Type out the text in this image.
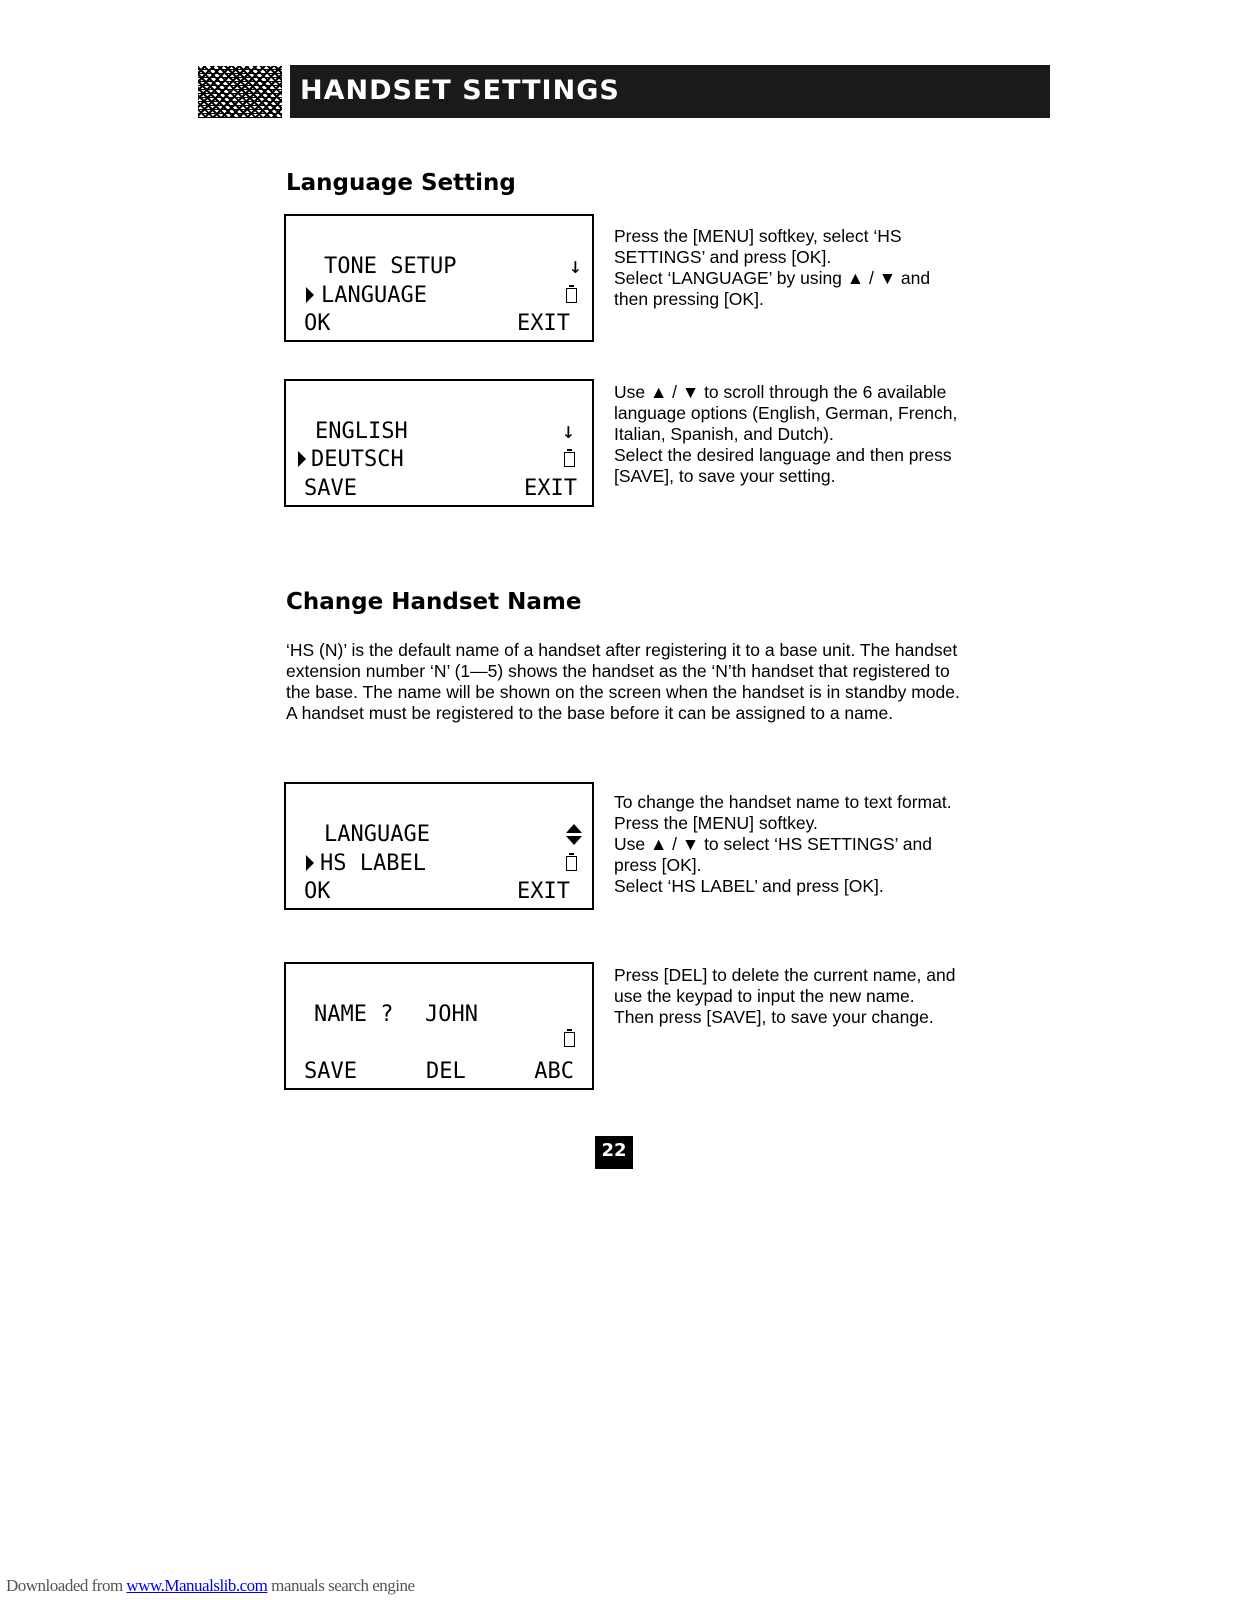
HANDSET SETTINGS
Language Setting
TONE SETUP	↓
LANGUAGE
OK	EXIT

Press the [MENU] softkey, select ‘HS SETTINGS’ and press [OK].

Select ‘LANGUAGE’ by using ▲ / ▼ and then pressing [OK].

ENGLISH	↓
DEUTSCH
SAVE	EXIT

Use ▲ / ▼ to scroll through the 6 available language options (English, German, French, Italian, Spanish, and Dutch).

Select the desired language and then press [SAVE], to save your setting.

Change Handset Name

‘HS (N)’ is the default name of a handset after registering it to a base unit. The handset extension number ‘N’ (1—5) shows the handset as the ‘N’th handset that registered to the base. The name will be shown on the screen when the handset is in standby mode.

A handset must be registered to the base before it can be assigned to a name.

LANGUAGE
HS LABEL
OK	EXIT

To change the handset name to text format.

Press the [MENU] softkey.

Use ▲ / ▼ to select ‘HS SETTINGS’ and press [OK].

Select ‘HS LABEL’ and press [OK].

NAME ? JOHN
SAVE	DEL	ABC

Press [DEL] to delete the current name, and use the keypad to input the new name.

Then press [SAVE], to save your change.

22
Downloaded from www.Manualslib.com manuals search engine
